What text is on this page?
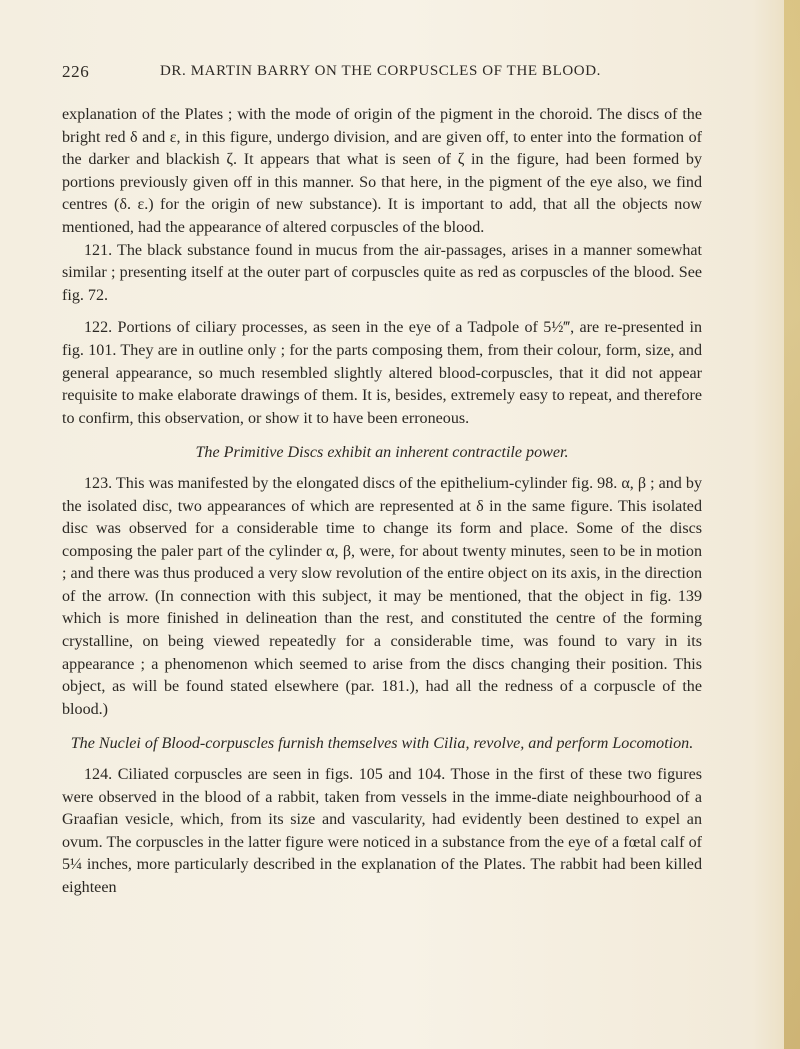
226	DR. MARTIN BARRY ON THE CORPUSCLES OF THE BLOOD.

explanation of the Plates ; with the mode of origin of the pigment in the choroid. The discs of the bright red δ and ε, in this figure, undergo division, and are given off, to enter into the formation of the darker and blackish ζ. It appears that what is seen of ζ in the figure, had been formed by portions previously given off in this manner. So that here, in the pigment of the eye also, we find centres (δ. ε.) for the origin of new substance). It is important to add, that all the objects now mentioned, had the appearance of altered corpuscles of the blood.

121. The black substance found in mucus from the air-passages, arises in a manner somewhat similar ; presenting itself at the outer part of corpuscles quite as red as corpuscles of the blood. See fig. 72.

122. Portions of ciliary processes, as seen in the eye of a Tadpole of 5½‴, are re-presented in fig. 101. They are in outline only ; for the parts composing them, from their colour, form, size, and general appearance, so much resembled slightly altered blood-corpuscles, that it did not appear requisite to make elaborate drawings of them. It is, besides, extremely easy to repeat, and therefore to confirm, this observation, or show it to have been erroneous.

The Primitive Discs exhibit an inherent contractile power.

123. This was manifested by the elongated discs of the epithelium-cylinder fig. 98. α, β ; and by the isolated disc, two appearances of which are represented at δ in the same figure. This isolated disc was observed for a considerable time to change its form and place. Some of the discs composing the paler part of the cylinder α, β, were, for about twenty minutes, seen to be in motion ; and there was thus produced a very slow revolution of the entire object on its axis, in the direction of the arrow. (In connection with this subject, it may be mentioned, that the object in fig. 139 which is more finished in delineation than the rest, and constituted the centre of the forming crystalline, on being viewed repeatedly for a considerable time, was found to vary in its appearance ; a phenomenon which seemed to arise from the discs changing their position. This object, as will be found stated elsewhere (par. 181.), had all the redness of a corpuscle of the blood.)

The Nuclei of Blood-corpuscles furnish themselves with Cilia, revolve, and perform Locomotion.

124. Ciliated corpuscles are seen in figs. 105 and 104. Those in the first of these two figures were observed in the blood of a rabbit, taken from vessels in the imme-diate neighbourhood of a Graafian vesicle, which, from its size and vascularity, had evidently been destined to expel an ovum. The corpuscles in the latter figure were noticed in a substance from the eye of a fœtal calf of 5¼ inches, more particularly described in the explanation of the Plates. The rabbit had been killed eighteen
